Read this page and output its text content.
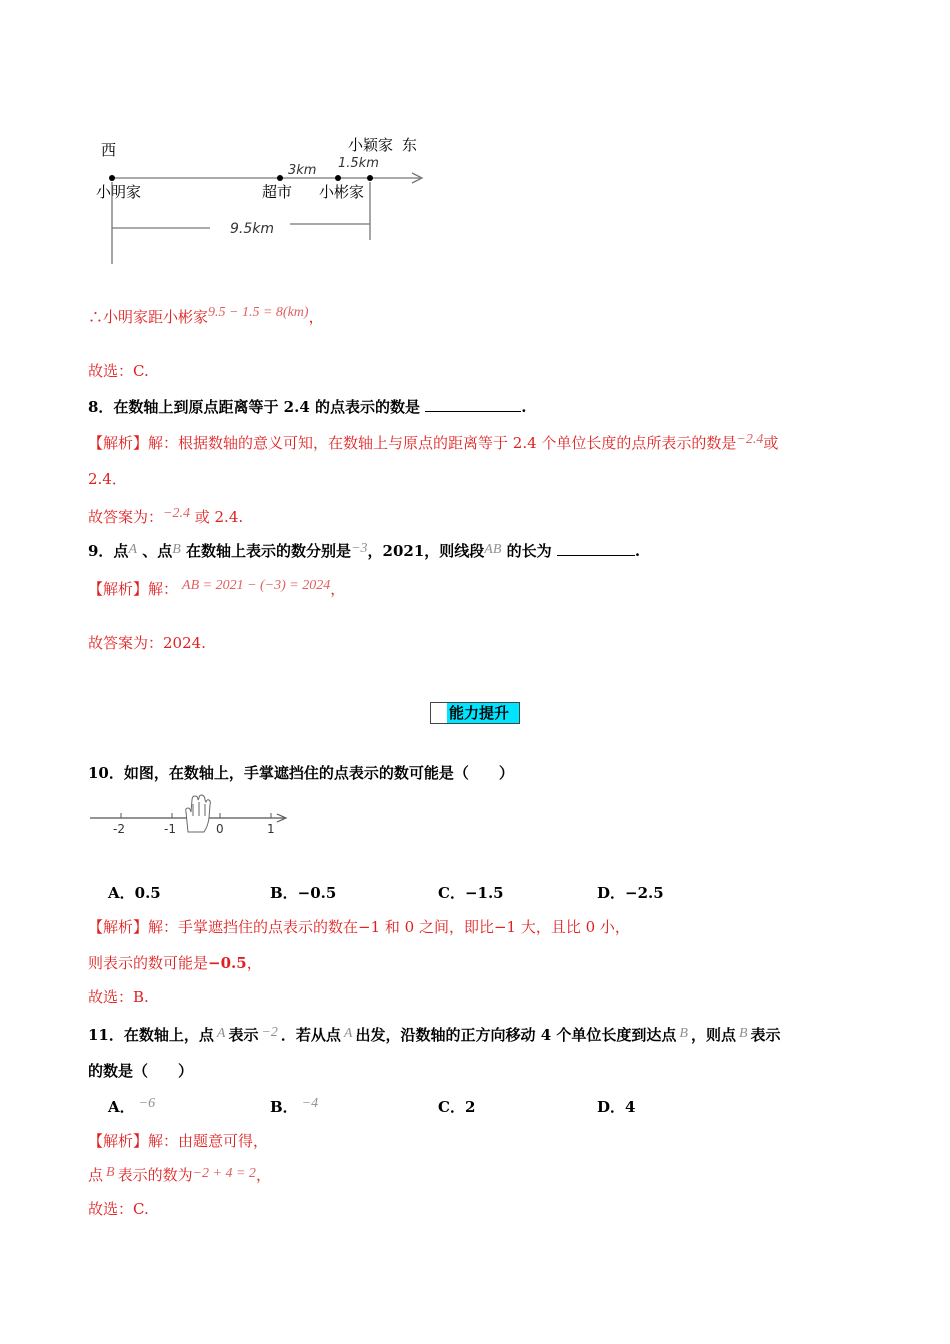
西	小颖家 东
3km 1.5km
小明家	超市 小彬家
9.5km
∴小明家距小彬家9.5 − 1.5 = 8(km)，
故选：C.
8．在数轴上到原点距离等于 2.4 的点表示的数是	.
【解析】解：根据数轴的意义可知，在数轴上与原点的距离等于 2.4 个单位长度的点所表示的数是−2.4或
2.4．
故答案为：−2.4 或 2.4.
9．点A 、点B 在数轴上表示的数分别是−3，2021，则线段AB 的长为	.
【解析】解： AB = 2021 − (−3) = 2024，
故答案为：2024.
能力提升
10．如图，在数轴上，手掌遮挡住的点表示的数可能是（　　）
-2	-1	0	1
A．0.5	B．−0.5	C．−1.5	D．−2.5
【解析】解：手掌遮挡住的点表示的数在−1 和 0 之间，即比−1 大，且比 0 小，
则表示的数可能是−0.5，
故选：B.
11．在数轴上，点 A 表示 −2 ．若从点 A 出发，沿数轴的正方向移动 4 个单位长度到达点 B ，则点 B 表示
的数是（　　）
A． −6	B． −4	C．2	D．4
【解析】解：由题意可得，
点 B 表示的数为−2 + 4 = 2，
故选：C.
